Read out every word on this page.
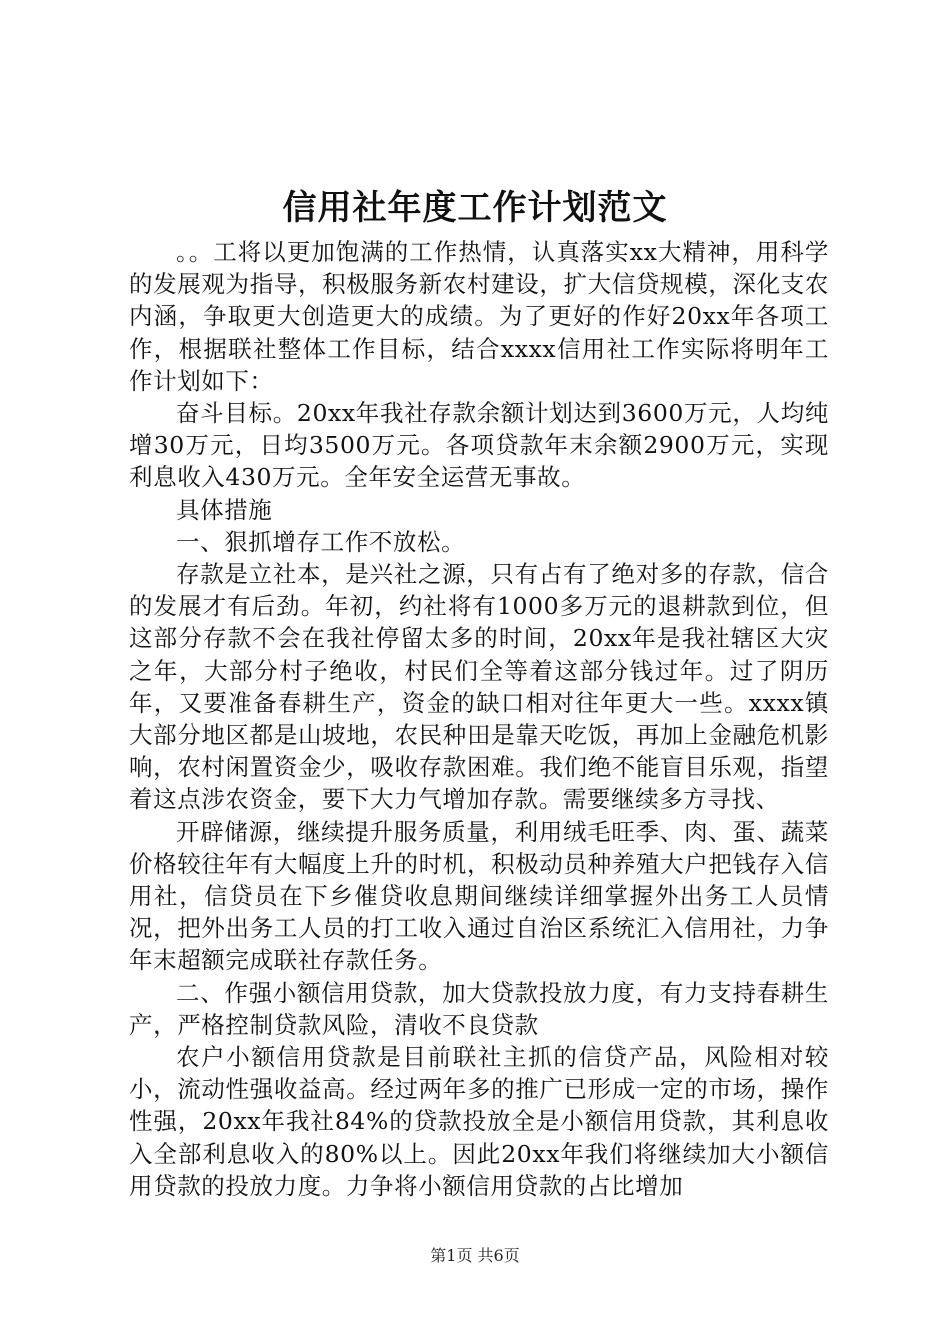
信用社年度工作计划范文

。。工将以更加饱满的工作热情，认真落实xx大精神，用科学的发展观为指导，积极服务新农村建设，扩大信贷规模，深化支农内涵，争取更大创造更大的成绩。为了更好的作好20xx年各项工作，根据联社整体工作目标，结合xxxx信用社工作实际将明年工作计划如下：

奋斗目标。20xx年我社存款余额计划达到3600万元，人均纯增30万元，日均3500万元。各项贷款年末余额2900万元，实现利息收入430万元。全年安全运营无事故。

具体措施

一、狠抓增存工作不放松。

存款是立社本，是兴社之源，只有占有了绝对多的存款，信合的发展才有后劲。年初，约社将有1000多万元的退耕款到位，但这部分存款不会在我社停留太多的时间，20xx年是我社辖区大灾之年，大部分村子绝收，村民们全等着这部分钱过年。过了阴历年，又要准备春耕生产，资金的缺口相对往年更大一些。xxxx镇大部分地区都是山坡地，农民种田是靠天吃饭，再加上金融危机影响，农村闲置资金少，吸收存款困难。我们绝不能盲目乐观，指望着这点涉农资金，要下大力气增加存款。需要继续多方寻找、

开辟储源，继续提升服务质量，利用绒毛旺季、肉、蛋、蔬菜价格较往年有大幅度上升的时机，积极动员种养殖大户把钱存入信用社，信贷员在下乡催贷收息期间继续详细掌握外出务工人员情况，把外出务工人员的打工收入通过自治区系统汇入信用社，力争年末超额完成联社存款任务。

二、作强小额信用贷款，加大贷款投放力度，有力支持春耕生产，严格控制贷款风险，清收不良贷款

农户小额信用贷款是目前联社主抓的信贷产品，风险相对较小，流动性强收益高。经过两年多的推广已形成一定的市场，操作性强，20xx年我社84%的贷款投放全是小额信用贷款，其利息收入全部利息收入的80%以上。因此20xx年我们将继续加大小额信用贷款的投放力度。力争将小额信用贷款的占比增加

第1页 共6页
